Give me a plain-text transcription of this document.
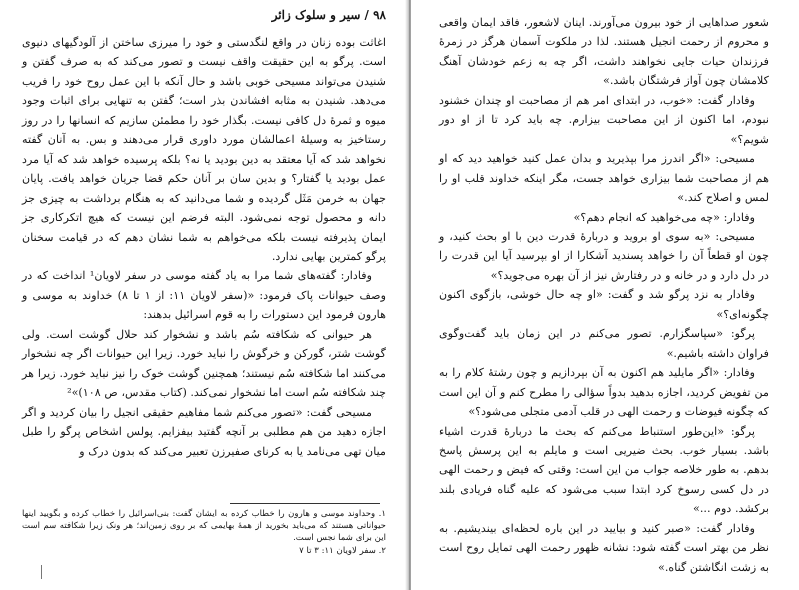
۹۸ / سیر و سلوک زائر

اغاثت بوده زنان در واقع لنگدستی و خود را میرزی ساختن از آلودگیهای دنیوی است. پرگو به این حقیقت واقف نیست و تصور می‌کند که به صرف گفتن و شنیدن می‌تواند مسیحی خوبی باشد و حال آنکه با این عمل روح خود را فریب می‌دهد. شنیدن به مثابه افشاندن بذر است؛ گفتن به تنهایی برای اثبات وجود میوه و ثمرهٔ دل کافی نیست. بگذار خود را مطمئن سازیم که انسانها را در روز رستاخیز به وسیلهٔ اعمالشان مورد داوری قرار می‌دهند و بس. به آنان گفته نخواهد شد که آیا معتقد به دین بودید یا نه؟ بلکه پرسیده خواهد شد که آیا مرد عمل بودید یا گفتار؟ و بدین سان بر آنان حکم قضا جریان خواهد یافت. پایان جهان به خرمن مَثَل گردیده و شما می‌دانید که به هنگام برداشت به چیزی جز دانه و محصول توجه نمی‌شود. البته فرضم این نیست که هیچ اتکرکاری جز ایمان پذیرفته نیست بلکه می‌خواهم به شما نشان دهم که در قیامت سخنان پرگو کمترین بهایی ندارد.

وفادار: گفته‌های شما مرا به یاد گفته موسی در سفر لاویان¹ انداخت که در وصف حیوانات پاک فرمود: «(سفر لاویان ۱۱: از ۱ تا ۸) خداوند به موسی و هارون فرمود این دستورات را به قوم اسرائیل بدهند:

هر حیوانی که شکافته سُم باشد و نشخوار کند حلال گوشت است. ولی گوشت شتر، گورکن و خرگوش را نباید خورد. زیرا این حیوانات اگر چه نشخوار می‌کنند اما شکافته سُم نیستند؛ همچنین گوشت خوک را نیز نباید خورد. زیرا هر چند شکافته سُم است اما نشخوار نمی‌کند. (کتاب مقدس، ص ۱۰۸)»²

مسیحی گفت: «تصور می‌کنم شما مفاهیم حقیقی انجیل را بیان کردید و اگر اجازه دهید من هم مطلبی بر آنچه گفتید بیفزایم. پولس اشخاص پرگو را طبل میان تهی می‌نامد یا به کرنای صفیرزن تعبیر می‌کند که بدون درک و

۱. وحداوند موسی و هارون را خطاب کرده به ایشان گفت: بنی‌اسرائیل را خطاب کرده و بگویید اینها حیواناتی هستند که می‌باید بخورید از همهٔ بهایمی که بر روی زمین‌اند؛ هر ونک زیرا شکافته سم است این برای شما نجس است.

۲. سفر لاویان ۱۱: ۳ تا ۷

شعور صداهایی از خود بیرون می‌آورند. اینان لاشعور، فاقد ایمان واقعی و محروم از رحمت انجیل هستند. لذا در ملکوت آسمان هرگز در زمرهٔ فرزندان حیات جایی نخواهند داشت، اگر چه به زعم خودشان آهنگ کلامشان چون آواز فرشتگان باشد.»

وفادار گفت: «خوب، در ابتدای امر هم از مصاحبت او چندان خشنود نبودم، اما اکنون از این مصاحبت بیزارم. چه باید کرد تا از او دور شویم؟»

مسیحی: «اگر اندرز مرا بپذیرید و بدان عمل کنید خواهید دید که او هم از مصاحبت شما بیزاری خواهد جست، مگر اینکه خداوند قلب او را لمس و اصلاح کند.»

وفادار: «چه می‌خواهید که انجام دهم؟»

مسیحی: «به سوی او بروید و دربارهٔ قدرت دین با او بحث کنید، و چون او قطعاً آن را خواهد پسندید آشکارا از او بپرسید آیا این قدرت را در دل دارد و در خانه و در رفتارش نیز از آن بهره می‌جوید؟»

وفادار به نزد پرگو شد و گفت: «او چه حال خوشی، بازگوی اکنون چگونه‌ای؟»

پرگو: «سپاسگزارم. تصور می‌کنم در این زمان باید گفت‌وگوی فراوان داشته باشیم.»

وفادار: «اگر مایلید هم اکنون به آن بپردازیم و چون رشتهٔ کلام را به من تفویض کردید، اجازه بدهید بدواً سؤالی را مطرح کنم و آن این است که چگونه فیوضات و رحمت الهی در قلب آدمی متجلی می‌شود؟»

پرگو: «این‌طور استنباط می‌کنم که بحث ما دربارهٔ قدرت اشیاء باشد. بسیار خوب. بحث ضیریی است و مایلم به این پرسش پاسخ بدهم. به طور خلاصه جواب من این است: وقتی که فیض و رحمت الهی در دل کسی رسوخ کرد ابتدا سبب می‌شود که علیه گناه فریادی بلند برکشد. دوم ...»

وفادار گفت: «صبر کنید و بیایید در این باره لحظه‌ای بیندیشیم. به نظر من بهتر است گفته شود: نشانه ظهور رحمت الهی تمایل روح است به زشت انگاشتن گناه.»
